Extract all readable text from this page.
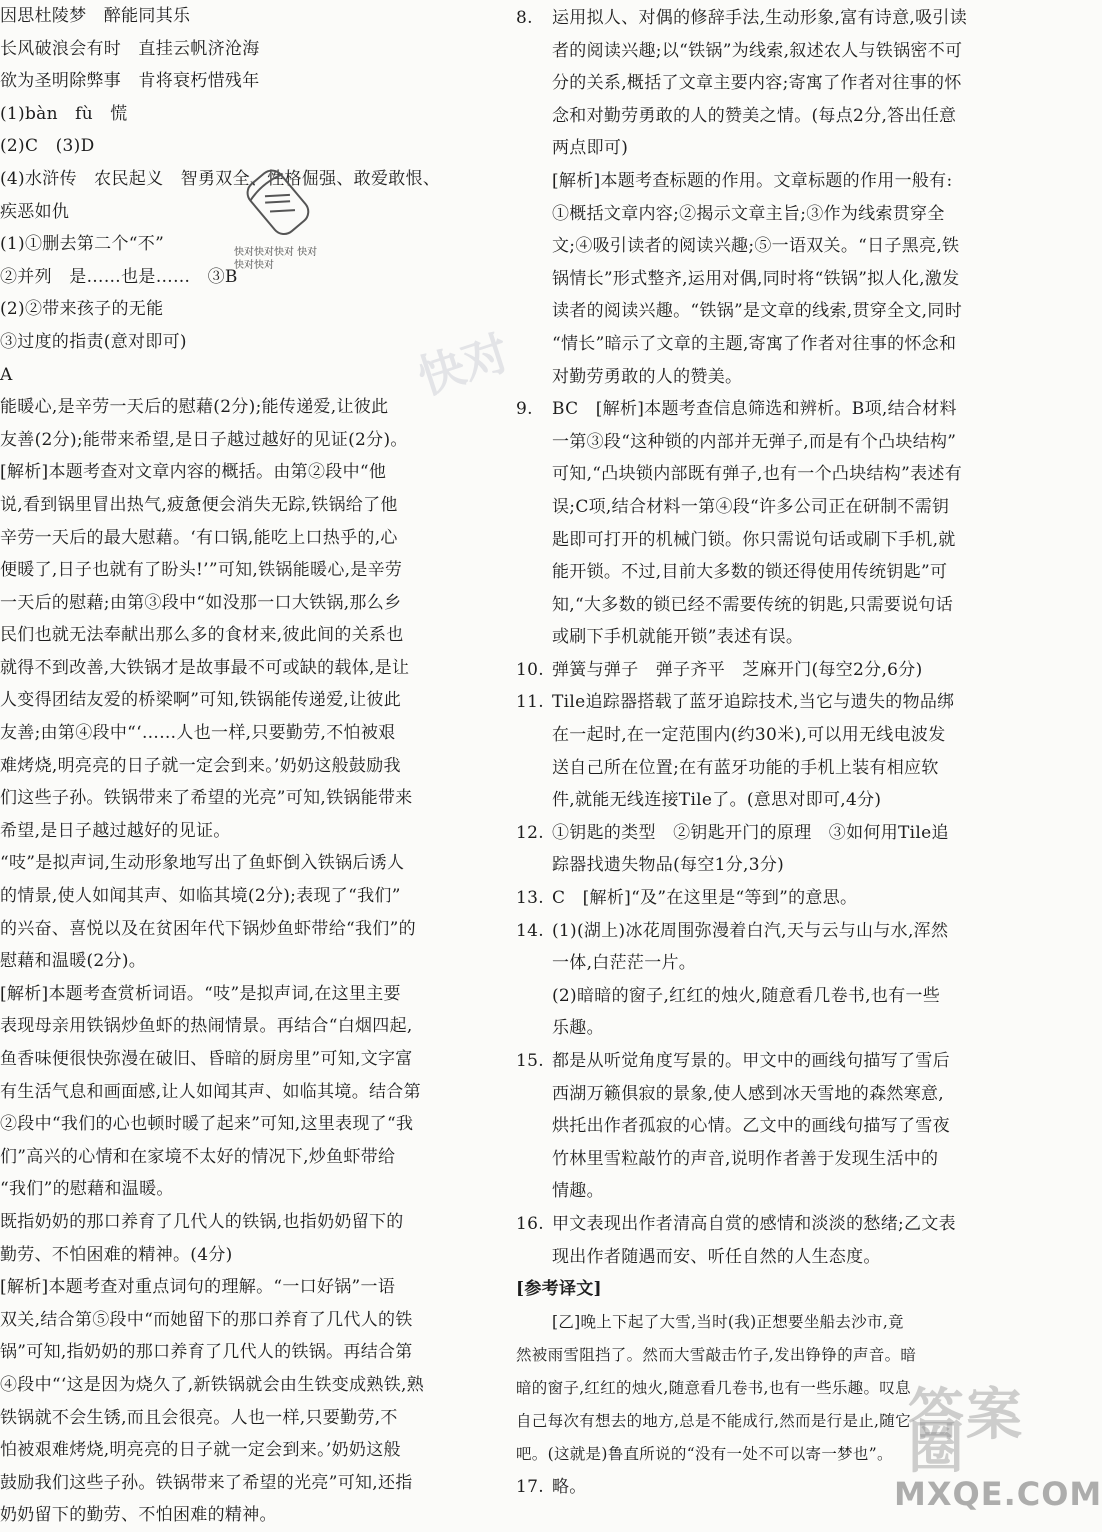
因思杜陵梦　醉能同其乐
长风破浪会有时　直挂云帆济沧海
欲为圣明除弊事　肯将衰朽惜残年
(1)bàn　fù　慌
(2)C　(3)D
(4)水浒传　农民起义　智勇双全、性格倔强、敢爱敢恨、
疾恶如仇
(1)①删去第二个“不”
②并列　是……也是……　③B
(2)②带来孩子的无能
③过度的指责(意对即可)
A
能暖心,是辛劳一天后的慰藉(2分);能传递爱,让彼此
友善(2分);能带来希望,是日子越过越好的见证(2分)。
[解析]本题考查对文章内容的概括。由第②段中“他
说,看到锅里冒出热气,疲惫便会消失无踪,铁锅给了他
辛劳一天后的最大慰藉。‘有口锅,能吃上口热乎的,心
便暖了,日子也就有了盼头!’”可知,铁锅能暖心,是辛劳
一天后的慰藉;由第③段中“如没那一口大铁锅,那么乡
民们也就无法奉献出那么多的食材来,彼此间的关系也
就得不到改善,大铁锅才是故事最不可或缺的载体,是让
人变得团结友爱的桥梁啊”可知,铁锅能传递爱,让彼此
友善;由第④段中“‘……人也一样,只要勤劳,不怕被艰
难烤烧,明亮亮的日子就一定会到来。’奶奶这般鼓励我
们这些子孙。铁锅带来了希望的光亮”可知,铁锅能带来
希望,是日子越过越好的见证。
“吱”是拟声词,生动形象地写出了鱼虾倒入铁锅后诱人
的情景,使人如闻其声、如临其境(2分);表现了“我们”
的兴奋、喜悦以及在贫困年代下锅炒鱼虾带给“我们”的
慰藉和温暖(2分)。
[解析]本题考查赏析词语。“吱”是拟声词,在这里主要
表现母亲用铁锅炒鱼虾的热闹情景。再结合“白烟四起,
鱼香味便很快弥漫在破旧、昏暗的厨房里”可知,文字富
有生活气息和画面感,让人如闻其声、如临其境。结合第
②段中“我们的心也顿时暖了起来”可知,这里表现了“我
们”高兴的心情和在家境不太好的情况下,炒鱼虾带给
“我们”的慰藉和温暖。
既指奶奶的那口养育了几代人的铁锅,也指奶奶留下的
勤劳、不怕困难的精神。(4分)
[解析]本题考查对重点词句的理解。“一口好锅”一语
双关,结合第⑤段中“而她留下的那口养育了几代人的铁
锅”可知,指奶奶的那口养育了几代人的铁锅。再结合第
④段中“‘这是因为烧久了,新铁锅就会由生铁变成熟铁,熟
铁锅就不会生锈,而且会很亮。人也一样,只要勤劳,不
怕被艰难烤烧,明亮亮的日子就一定会到来。’奶奶这般
鼓励我们这些子孙。铁锅带来了希望的光亮”可知,还指
奶奶留下的勤劳、不怕困难的精神。
8. 运用拟人、对偶的修辞手法,生动形象,富有诗意,吸引读
者的阅读兴趣;以“铁锅”为线索,叙述农人与铁锅密不可
分的关系,概括了文章主要内容;寄寓了作者对往事的怀
念和对勤劳勇敢的人的赞美之情。(每点2分,答出任意
两点即可)
[解析]本题考查标题的作用。文章标题的作用一般有:
①概括文章内容;②揭示文章主旨;③作为线索贯穿全
文;④吸引读者的阅读兴趣;⑤一语双关。“日子黑亮,铁
锅情长”形式整齐,运用对偶,同时将“铁锅”拟人化,激发
读者的阅读兴趣。“铁锅”是文章的线索,贯穿全文,同时
“情长”暗示了文章的主题,寄寓了作者对往事的怀念和
对勤劳勇敢的人的赞美。
9. BC　[解析]本题考查信息筛选和辨析。B项,结合材料
一第③段“这种锁的内部并无弹子,而是有个凸块结构”
可知,“凸块锁内部既有弹子,也有一个凸块结构”表述有
误;C项,结合材料一第④段“许多公司正在研制不需钥
匙即可打开的机械门锁。你只需说句话或刷下手机,就
能开锁。不过,目前大多数的锁还得使用传统钥匙”可
知,“大多数的锁已经不需要传统的钥匙,只需要说句话
或刷下手机就能开锁”表述有误。
10. 弹簧与弹子　弹子齐平　芝麻开门(每空2分,6分)
11. Tile追踪器搭载了蓝牙追踪技术,当它与遗失的物品绑
在一起时,在一定范围内(约30米),可以用无线电波发
送自己所在位置;在有蓝牙功能的手机上装有相应软
件,就能无线连接Tile了。(意思对即可,4分)
12. ①钥匙的类型　②钥匙开门的原理　③如何用Tile追
踪器找遗失物品(每空1分,3分)
13. C　[解析]“及”在这里是“等到”的意思。
14. (1)(湖上)冰花周围弥漫着白汽,天与云与山与水,浑然
一体,白茫茫一片。
(2)暗暗的窗子,红红的烛火,随意看几卷书,也有一些
乐趣。
15. 都是从听觉角度写景的。甲文中的画线句描写了雪后
西湖万籁俱寂的景象,使人感到冰天雪地的森然寒意,
烘托出作者孤寂的心情。乙文中的画线句描写了雪夜
竹林里雪粒敲竹的声音,说明作者善于发现生活中的
情趣。
16. 甲文表现出作者清高自赏的感情和淡淡的愁绪;乙文表
现出作者随遇而安、听任自然的人生态度。
[参考译文]
[乙]晚上下起了大雪,当时(我)正想要坐船去沙市,竟
然被雨雪阻挡了。然而大雪敲击竹子,发出铮铮的声音。暗
暗的窗子,红红的烛火,随意看几卷书,也有一些乐趣。叹息
自己每次有想去的地方,总是不能成行,然而是行是止,随它
吧。(这就是)鲁直所说的“没有一处不可以寄一梦也”。
17. 略。
快对快对快对 快对快对快对
快对
答案圈
MXQE.COM
